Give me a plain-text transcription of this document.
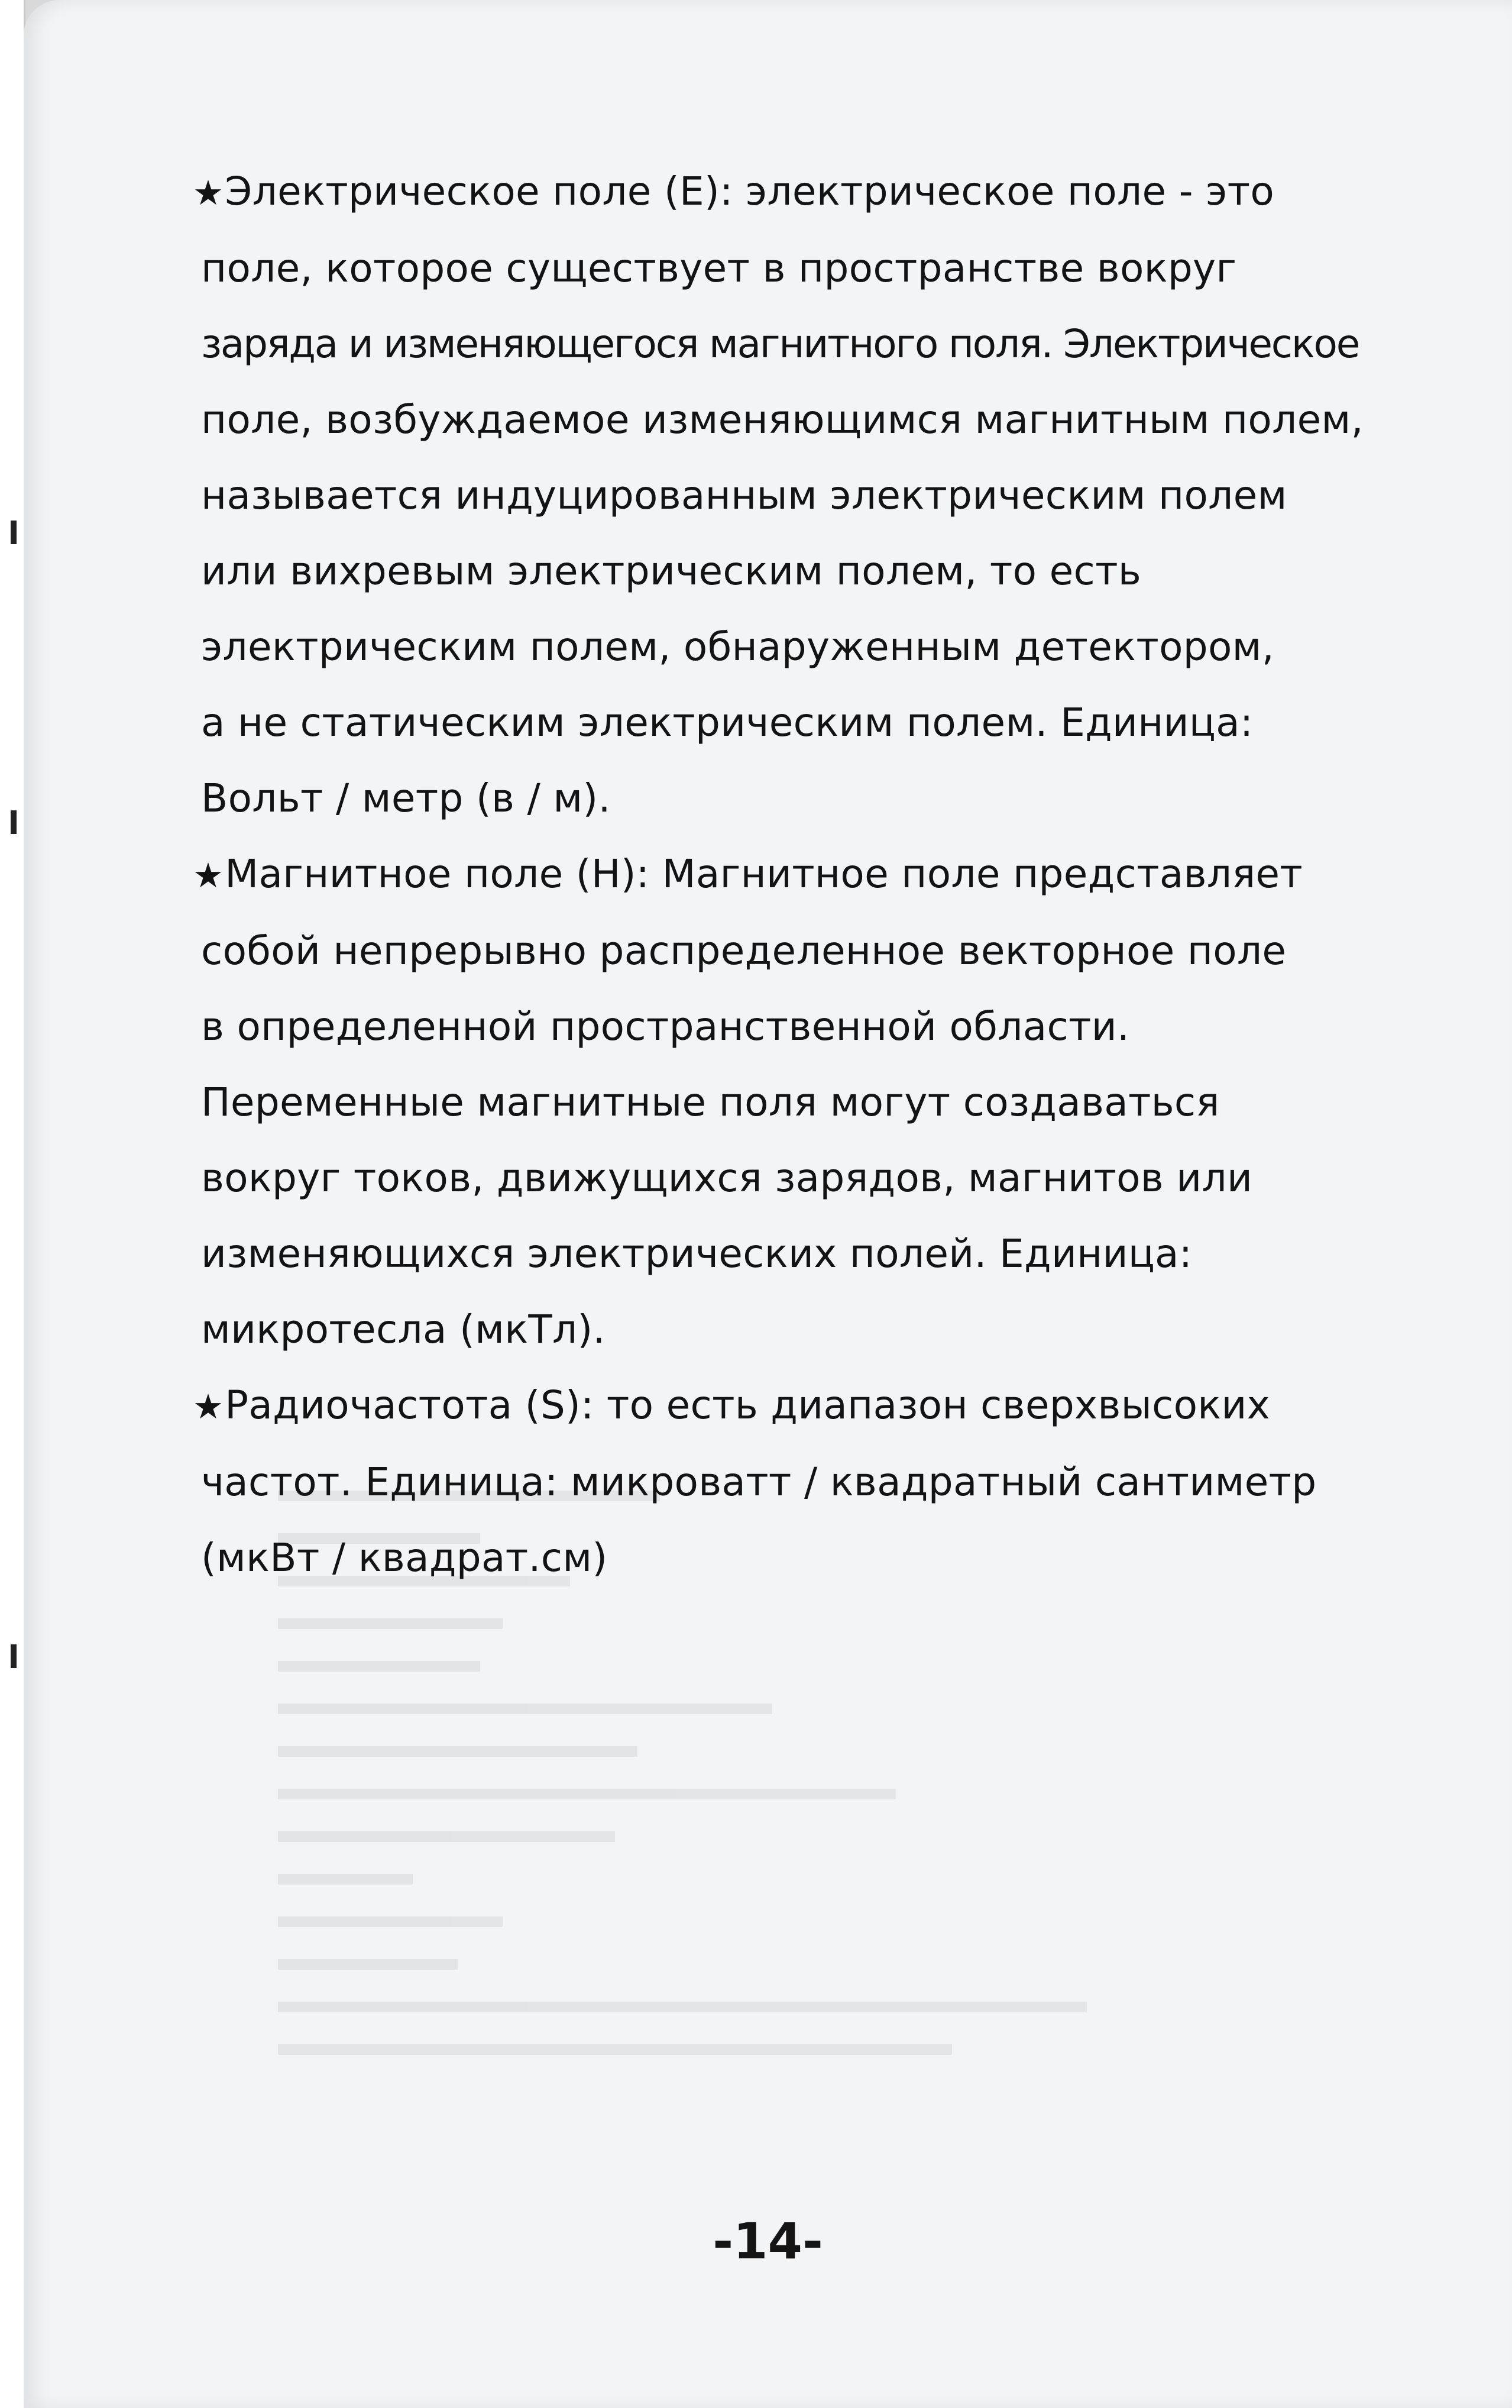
★Электрическое поле (E): электрическое поле - это
поле, которое существует в пространстве вокруг
заряда и изменяющегося магнитного поля. Электрическое
поле, возбуждаемое изменяющимся магнитным полем,
называется индуцированным электрическим полем
или вихревым электрическим полем, то есть
электрическим полем, обнаруженным детектором,
а не статическим электрическим полем. Единица:
Вольт / метр (в / м).

★Магнитное поле (H): Магнитное поле представляет
собой непрерывно распределенное векторное поле
в определенной пространственной области.
Переменные магнитные поля могут создаваться
вокруг токов, движущихся зарядов, магнитов или
изменяющихся электрических полей. Единица:
микротесла (мкТл).

★Радиочастота (S): то есть диапазон сверхвысоких
частот. Единица: микроватт / квадратный сантиметр
(мкВт / квадрат.см)

-14-
